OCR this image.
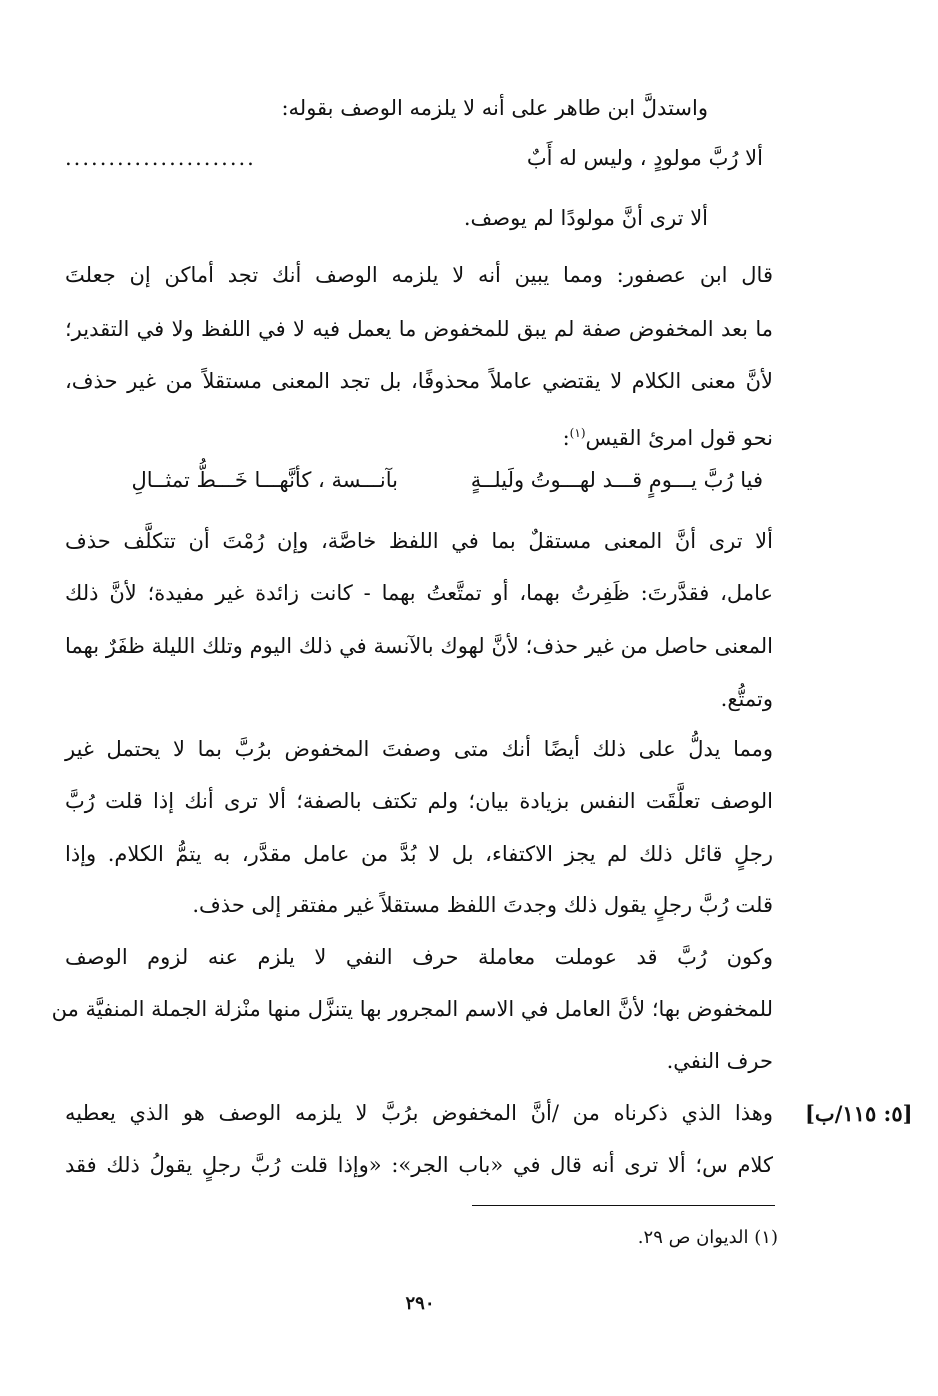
واستدلَّ ابن طاهر على أنه لا يلزمه الوصف بقوله:
ألا رُبَّ مولودٍ ، وليس له أَبٌ
......................
ألا ترى أنَّ مولودًا لم يوصف.
قال ابن عصفور: ومما يبين أنه لا يلزمه الوصف أنك تجد أماكن إن جعلتَ
ما بعد المخفوض صفة لم يبق للمخفوض ما يعمل فيه لا في اللفظ ولا في التقدير؛
لأنَّ معنى الكلام لا يقتضي عاملاً محذوفًا، بل تجد المعنى مستقلاً من غير حذف،
نحو قول امرئ القيس$^{(١)}$:
فيا رُبَّ يـــومٍ قـــد لهـــوتُ ولَيلــةٍ
بآنـــسة ، كأنَّهـــا خَـــطُّ تمثــالِ
ألا ترى أنَّ المعنى مستقلٌ بما في اللفظ خاصَّة، وإن رُمْتَ أن تتكلَّف حذف
عامل، فقدَّرتَ: ظَفِرتُ بهما، أو تمتَّعتُ بهما - كانت زائدة غير مفيدة؛ لأنَّ ذلك
المعنى حاصل من غير حذف؛ لأنَّ لهوك بالآنسة في ذلك اليوم وتلك الليلة ظفَرٌ بهما
وتمتُّع.
ومما يدلُّ على ذلك أيضًا أنك متى وصفتَ المخفوض برُبَّ بما لا يحتمل غير
الوصف تعلَّقَت النفس بزيادة بيان؛ ولم تكتف بالصفة؛ ألا ترى أنك إذا قلت رُبَّ
رجلٍ قائل ذلك لم يجز الاكتفاء، بل لا بُدَّ من عامل مقدَّر، به يتمُّ الكلام. وإذا
قلت رُبَّ رجلٍ يقول ذلك وجدتَ اللفظ مستقلاً غير مفتقر إلى حذف.
وكون رُبَّ قد عوملت معاملة حرف النفي لا يلزم عنه لزوم الوصف
للمخفوض بها؛ لأنَّ العامل في الاسم المجرور بها يتنزَّل منها منْزلة الجملة المنفيَّة من
حرف النفي.
[٥: ١١٥/ب]
وهذا الذي ذكرناه من /أنَّ المخفوض برُبَّ لا يلزمه الوصف هو الذي يعطيه
كلام س؛ ألا ترى أنه قال في «باب الجر»: «وإذا قلت رُبَّ رجلٍ يقولُ ذلك فقد
(١) الديوان ص ٢٩.
٢٩٠
